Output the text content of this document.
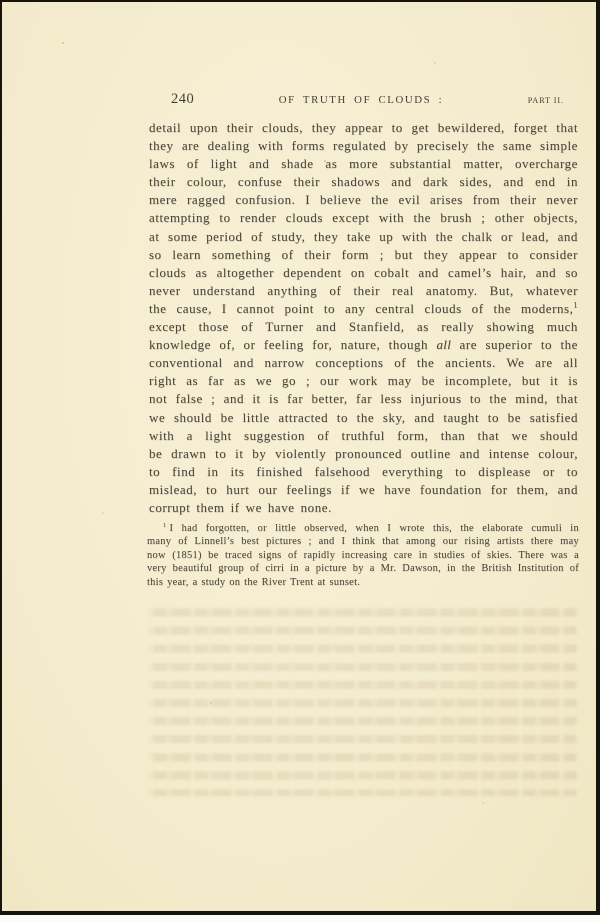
240	OF TRUTH OF CLOUDS :	PART II.
detail upon their clouds, they appear to get bewildered, forget that
they are dealing with forms regulated by precisely the same simple
laws of light and shade as more substantial matter, overcharge
their colour, confuse their shadows and dark sides, and end in
mere ragged confusion. I believe the evil arises from their never
attempting to render clouds except with the brush ; other objects,
at some period of study, they take up with the chalk or lead, and
so learn something of their form ; but they appear to consider
clouds as altogether dependent on cobalt and camel’s hair, and so
never understand anything of their real anatomy. But, whatever
the cause, I cannot point to any central clouds of the moderns,$^1$
except those of Turner and Stanfield, as really showing much
knowledge of, or feeling for, nature, though all are superior to the
conventional and narrow conceptions of the ancients. We are all
right as far as we go ; our work may be incomplete, but it is
not false ; and it is far better, far less injurious to the mind, that
we should be little attracted to the sky, and taught to be satisfied
with a light suggestion of truthful form, than that we should
be drawn to it by violently pronounced outline and intense colour,
to find in its finished falsehood everything to displease or to
mislead, to hurt our feelings if we have foundation for them, and
corrupt them if we have none.
$^1$ I had forgotten, or little observed, when I wrote this, the elaborate cumuli in
many of Linnell’s best pictures ; and I think that among our rising artists there may
now (1851) be traced signs of rapidly increasing care in studies of skies. There was a
very beautiful group of cirri in a picture by a Mr. Dawson, in the British Institution of
this year, a study on the River Trent at sunset.
